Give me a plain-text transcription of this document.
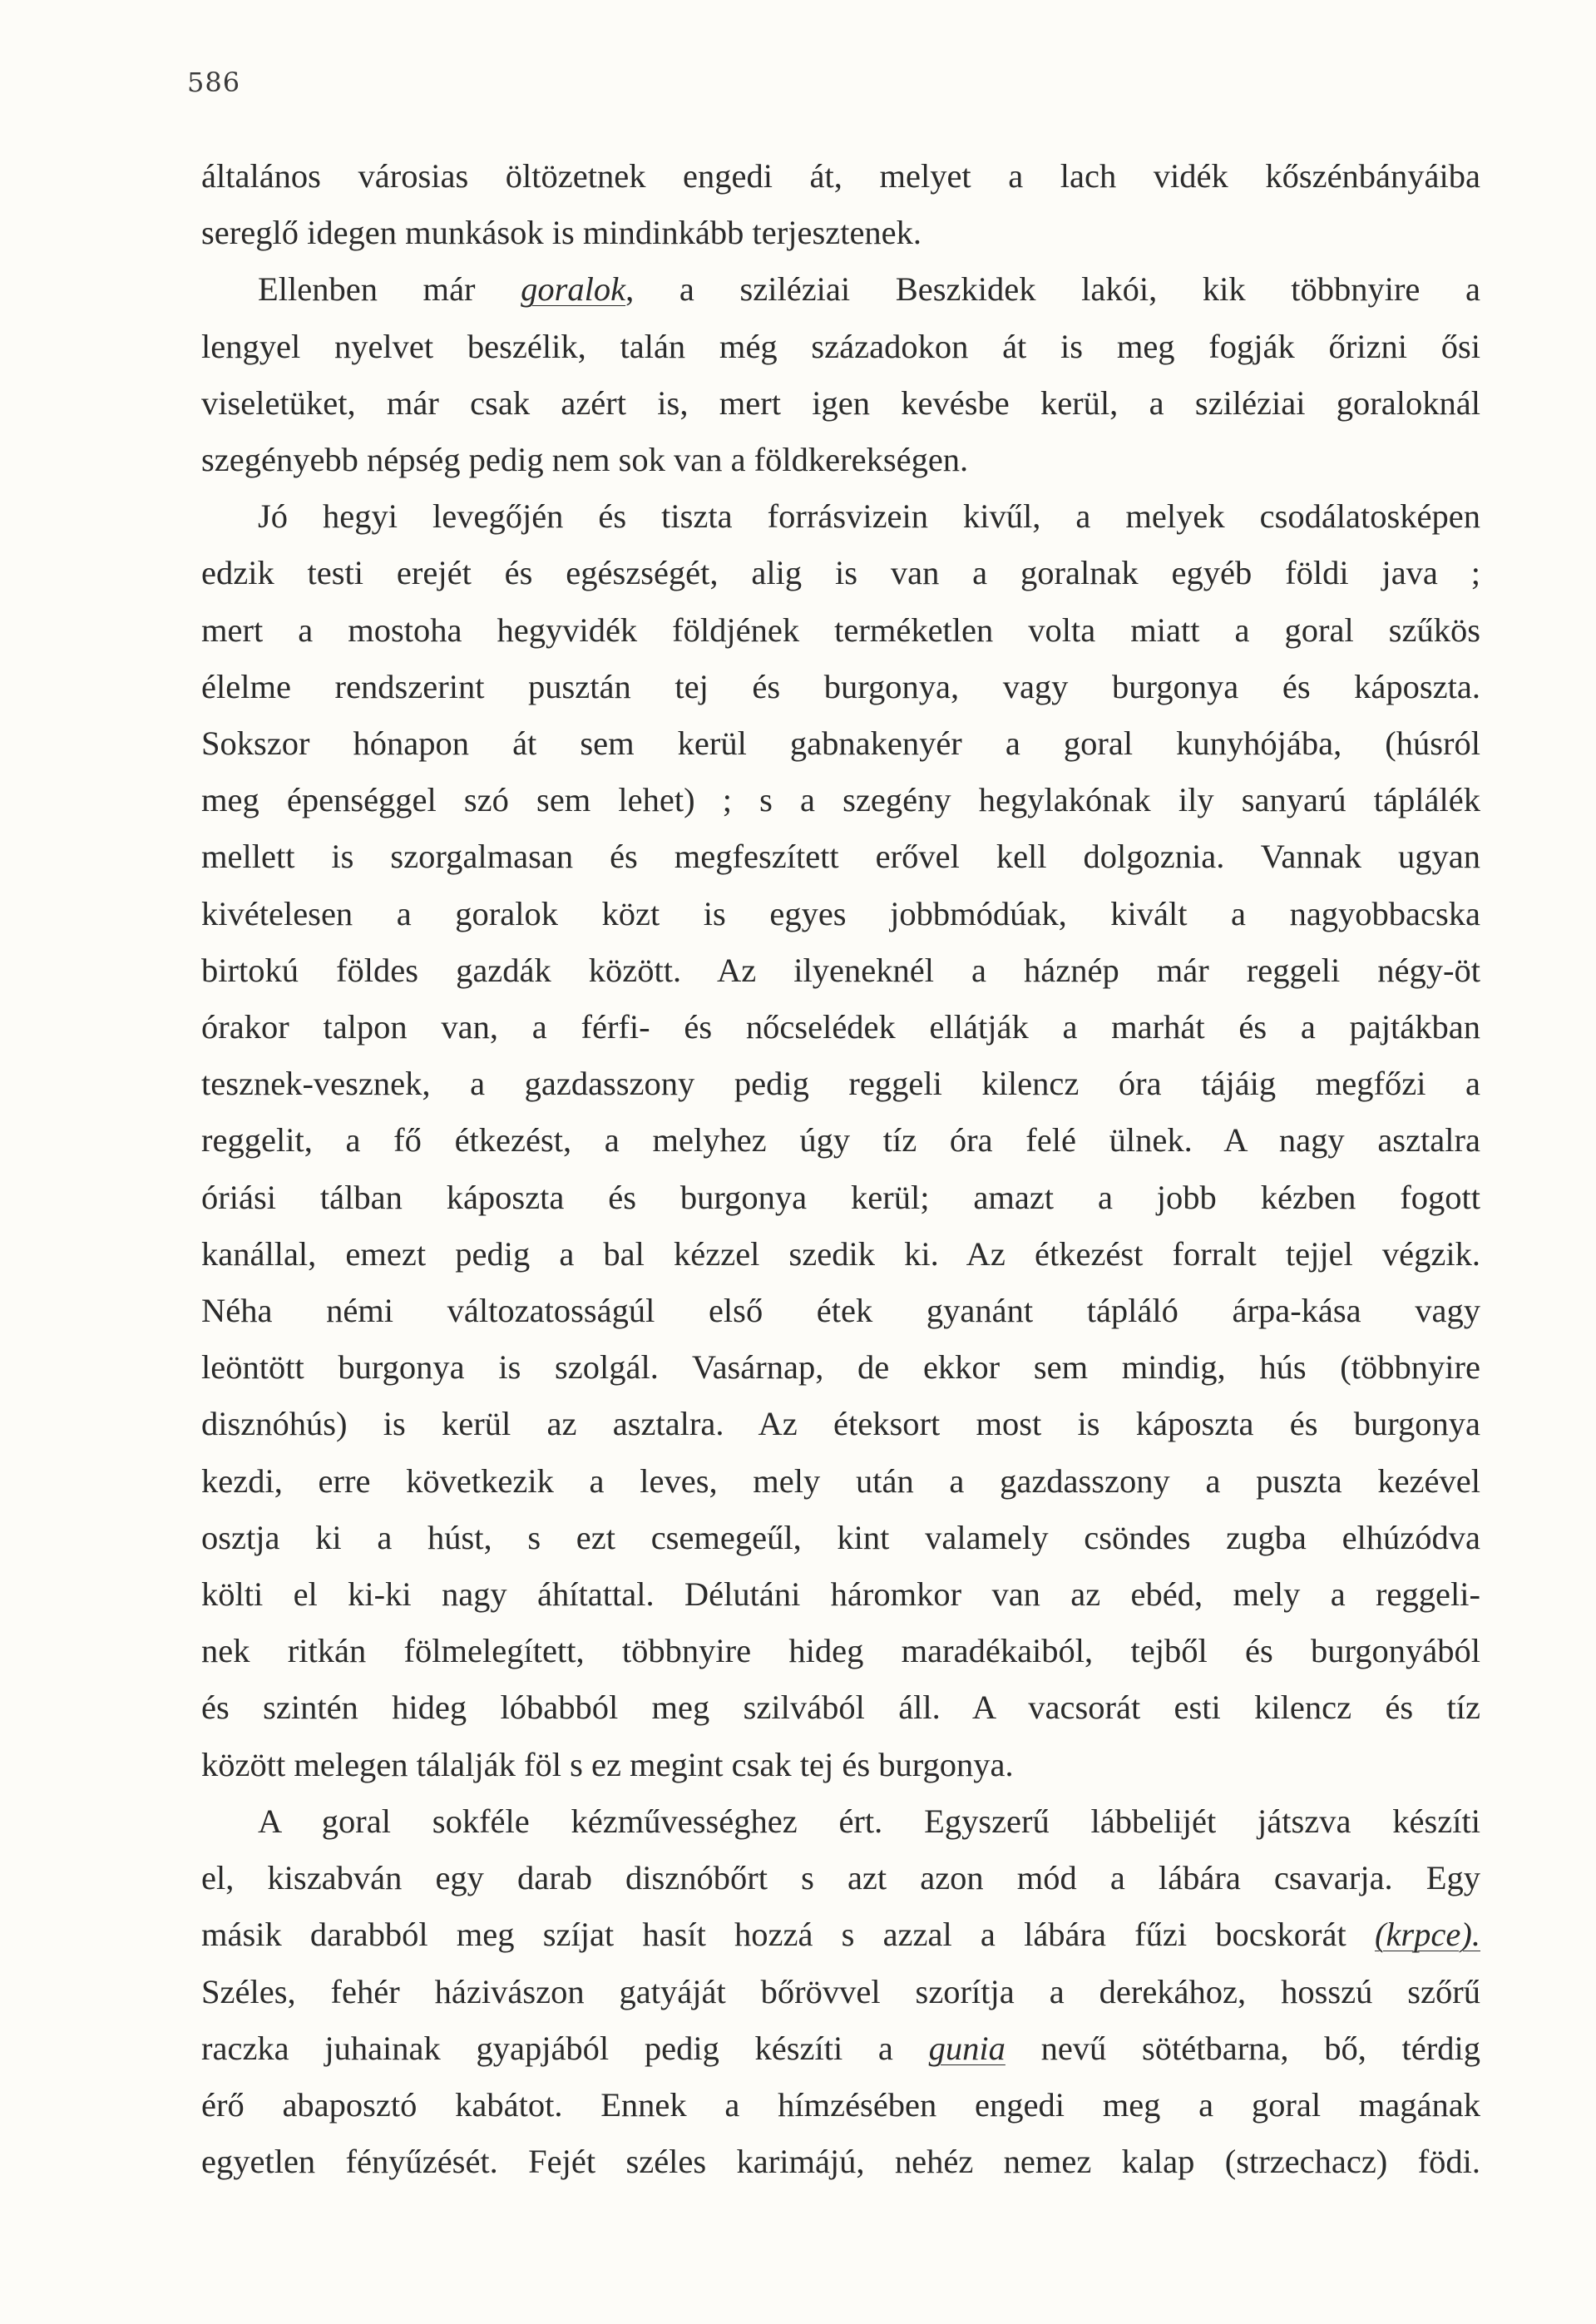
586
általános városias öltözetnek engedi át, melyet a lach vidék kőszénbányáiba
sereglő idegen munkások is mindinkább terjesztenek.
Ellenben már goralok, a sziléziai Beszkidek lakói, kik többnyire a
lengyel nyelvet beszélik, talán még századokon át is meg fogják őrizni ősi
viseletüket, már csak azért is, mert igen kevésbe kerül, a sziléziai goraloknál
szegényebb népség pedig nem sok van a földkerekségen.
Jó hegyi levegőjén és tiszta forrásvizein kivűl, a melyek csodálatosképen
edzik testi erejét és egészségét, alig is van a goralnak egyéb földi java ;
mert a mostoha hegyvidék földjének terméketlen volta miatt a goral szűkös
élelme rendszerint pusztán tej és burgonya, vagy burgonya és káposzta.
Sokszor hónapon át sem kerül gabnakenyér a goral kunyhójába, (húsról
meg épenséggel szó sem lehet) ; s a szegény hegylakónak ily sanyarú táplálék
mellett is szorgalmasan és megfeszített erővel kell dolgoznia. Vannak ugyan
kivételesen a goralok közt is egyes jobbmódúak, kivált a nagyobbacska
birtokú földes gazdák között. Az ilyeneknél a háznép már reggeli négy-öt
órakor talpon van, a férfi- és nőcselédek ellátják a marhát és a pajtákban
tesznek-vesznek, a gazdasszony pedig reggeli kilencz óra tájáig megfőzi a
reggelit, a fő étkezést, a melyhez úgy tíz óra felé ülnek. A nagy asztalra
óriási tálban káposzta és burgonya kerül; amazt a jobb kézben fogott
kanállal, emezt pedig a bal kézzel szedik ki. Az étkezést forralt tejjel végzik.
Néha némi változatosságúl első étek gyanánt tápláló árpa-kása vagy
leöntött burgonya is szolgál. Vasárnap, de ekkor sem mindig, hús (többnyire
disznóhús) is kerül az asztalra. Az éteksort most is káposzta és burgonya
kezdi, erre következik a leves, mely után a gazdasszony a puszta kezével
osztja ki a húst, s ezt csemegeűl, kint valamely csöndes zugba elhúzódva
költi el ki-ki nagy áhítattal. Délutáni háromkor van az ebéd, mely a reggeli-
nek ritkán fölmelegített, többnyire hideg maradékaiból, tejből és burgonyából
és szintén hideg lóbabból meg szilvából áll. A vacsorát esti kilencz és tíz
között melegen tálalják föl s ez megint csak tej és burgonya.
A goral sokféle kézművességhez ért. Egyszerű lábbelijét játszva készíti
el, kiszabván egy darab disznóbőrt s azt azon mód a lábára csavarja. Egy
másik darabból meg szíjat hasít hozzá s azzal a lábára fűzi bocskorát (krpce).
Széles, fehér házivászon gatyáját bőrövvel szorítja a derekához, hosszú szőrű
raczka juhainak gyapjából pedig készíti a gunia nevű sötétbarna, bő, térdig
érő abaposztó kabátot. Ennek a hímzésében engedi meg a goral magának
egyetlen fényűzését. Fejét széles karimájú, nehéz nemez kalap (strzechacz) födi.
